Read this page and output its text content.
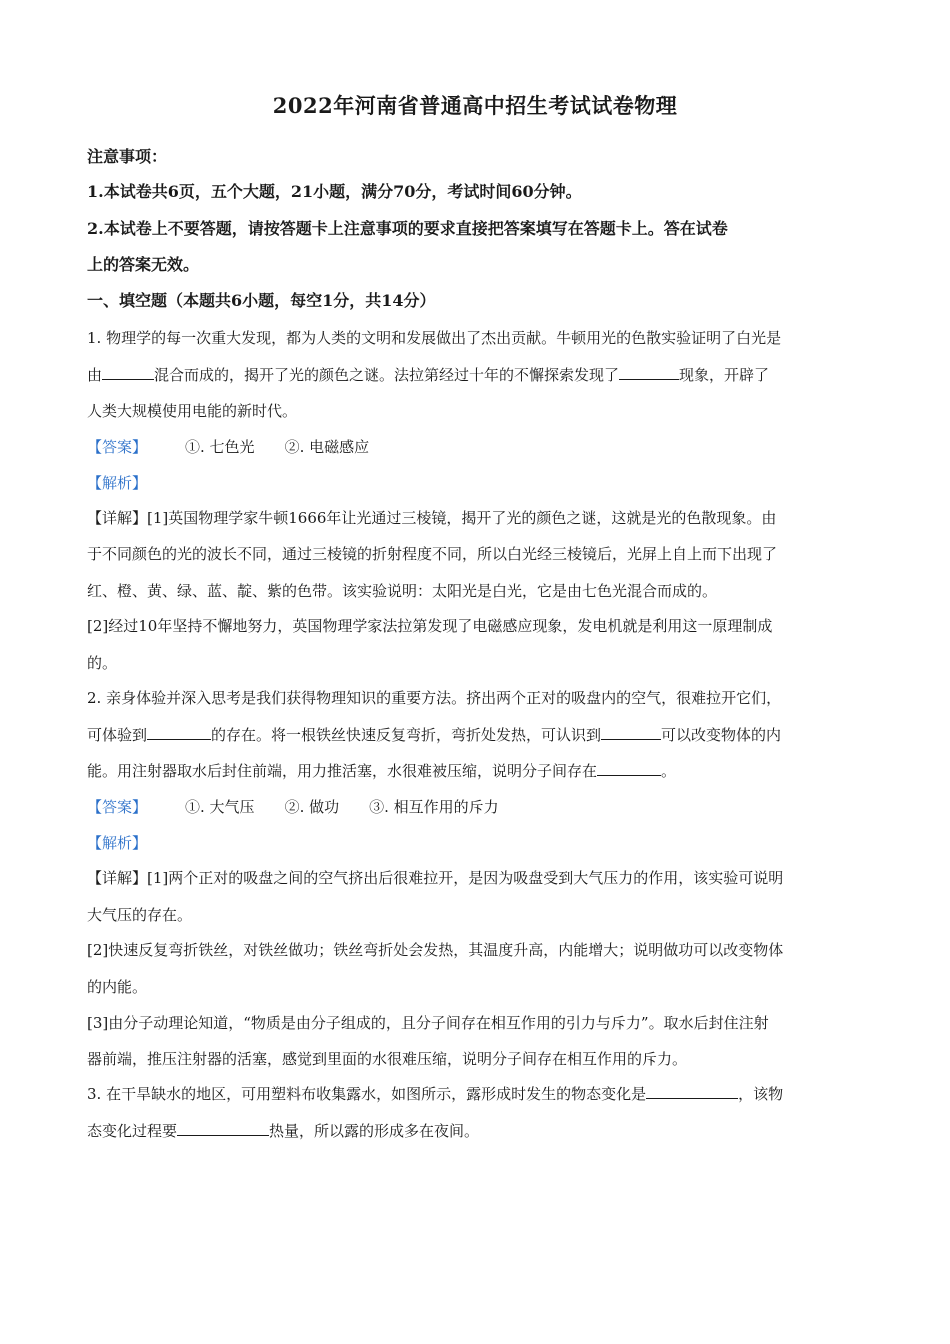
2022年河南省普通高中招生考试试卷物理
注意事项：
1.本试卷共6页，五个大题，21小题，满分70分，考试时间60分钟。
2.本试卷上不要答题，请按答题卡上注意事项的要求直接把答案填写在答题卡上。答在试卷
上的答案无效。
一、填空题（本题共6小题，每空1分，共14分）
1. 物理学的每一次重大发现，都为人类的文明和发展做出了杰出贡献。牛顿用光的色散实验证明了白光是
由	混合而成的，揭开了光的颜色之谜。法拉第经过十年的不懈探索发现了	现象，开辟了
人类大规模使用电能的新时代。
【答案】	①. 七色光 ②. 电磁感应
【解析】
【详解】[1]英国物理学家牛顿1666年让光通过三棱镜，揭开了光的颜色之谜，这就是光的色散现象。由
于不同颜色的光的波长不同，通过三棱镜的折射程度不同，所以白光经三棱镜后，光屏上自上而下出现了
红、橙、黄、绿、蓝、靛、紫的色带。该实验说明：太阳光是白光，它是由七色光混合而成的。
[2]经过10年坚持不懈地努力，英国物理学家法拉第发现了电磁感应现象，发电机就是利用这一原理制成
的。
2. 亲身体验并深入思考是我们获得物理知识的重要方法。挤出两个正对的吸盘内的空气，很难拉开它们，
可体验到	的存在。将一根铁丝快速反复弯折，弯折处发热，可认识到	可以改变物体的内
能。用注射器取水后封住前端，用力推活塞，水很难被压缩，说明分子间存在	。
【答案】	①. 大气压 ②. 做功 ③. 相互作用的斥力
【解析】
【详解】[1]两个正对的吸盘之间的空气挤出后很难拉开，是因为吸盘受到大气压力的作用，该实验可说明
大气压的存在。
[2]快速反复弯折铁丝，对铁丝做功；铁丝弯折处会发热，其温度升高，内能增大；说明做功可以改变物体
的内能。
[3]由分子动理论知道，“物质是由分子组成的，且分子间存在相互作用的引力与斥力”。取水后封住注射
器前端，推压注射器的活塞，感觉到里面的水很难压缩，说明分子间存在相互作用的斥力。
3. 在干旱缺水的地区，可用塑料布收集露水，如图所示，露形成时发生的物态变化是	，该物
态变化过程要	热量，所以露的形成多在夜间。
